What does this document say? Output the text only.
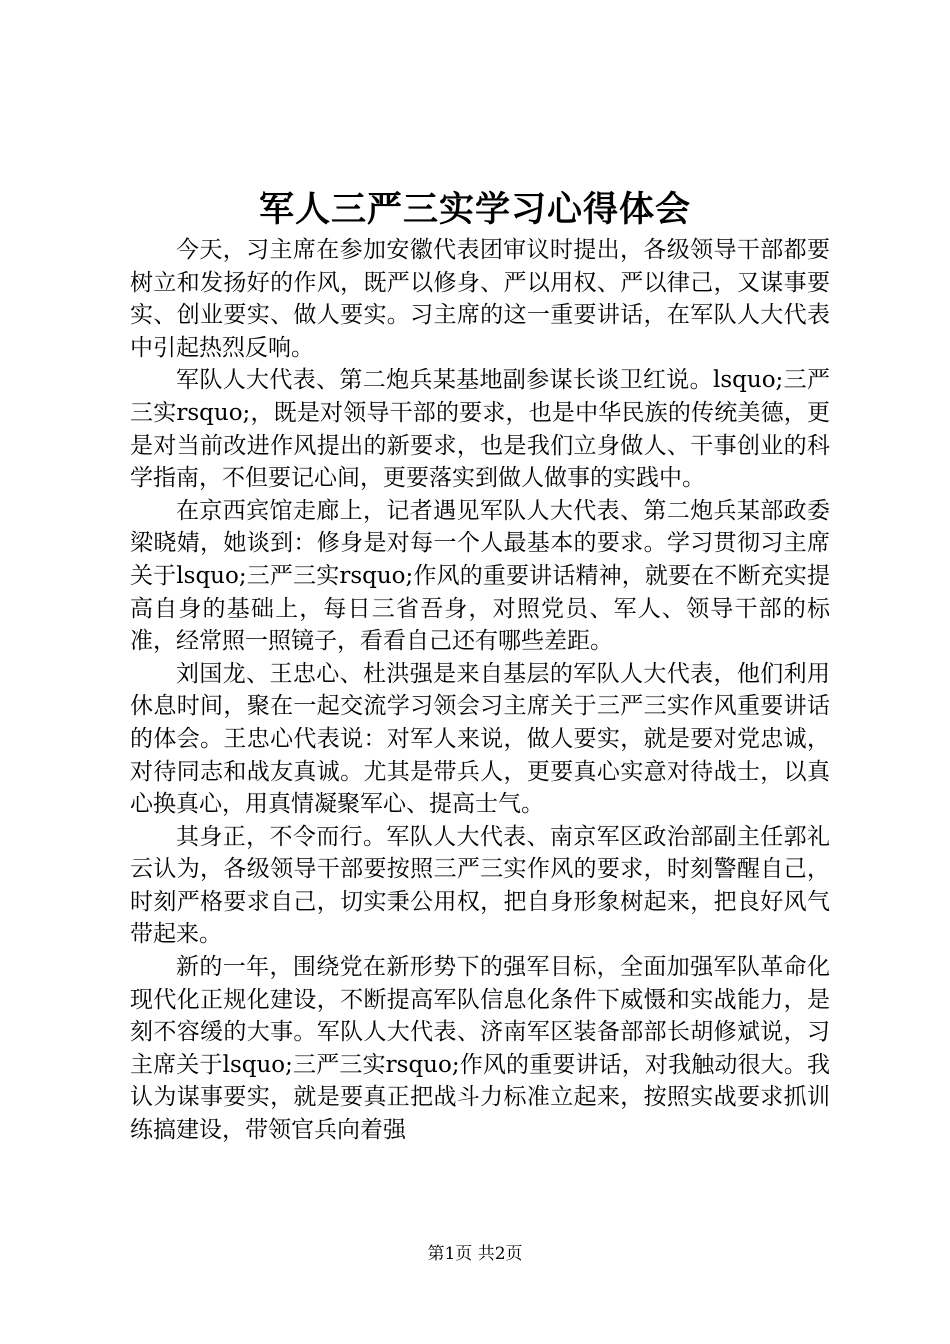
军人三严三实学习心得体会

今天，习主席在参加安徽代表团审议时提出，各级领导干部都要树立和发扬好的作风，既严以修身、严以用权、严以律己，又谋事要实、创业要实、做人要实。习主席的这一重要讲话，在军队人大代表中引起热烈反响。

军队人大代表、第二炮兵某基地副参谋长谈卫红说。lsquo;三严三实rsquo;，既是对领导干部的要求，也是中华民族的传统美德，更是对当前改进作风提出的新要求，也是我们立身做人、干事创业的科学指南，不但要记心间，更要落实到做人做事的实践中。

在京西宾馆走廊上，记者遇见军队人大代表、第二炮兵某部政委梁晓婧，她谈到：修身是对每一个人最基本的要求。学习贯彻习主席关于lsquo;三严三实rsquo;作风的重要讲话精神，就要在不断充实提高自身的基础上，每日三省吾身，对照党员、军人、领导干部的标准，经常照一照镜子，看看自己还有哪些差距。

刘国龙、王忠心、杜洪强是来自基层的军队人大代表，他们利用休息时间，聚在一起交流学习领会习主席关于三严三实作风重要讲话的体会。王忠心代表说：对军人来说，做人要实，就是要对党忠诚，对待同志和战友真诚。尤其是带兵人，更要真心实意对待战士，以真心换真心，用真情凝聚军心、提高士气。

其身正，不令而行。军队人大代表、南京军区政治部副主任郭礼云认为，各级领导干部要按照三严三实作风的要求，时刻警醒自己，时刻严格要求自己，切实秉公用权，把自身形象树起来，把良好风气带起来。

新的一年，围绕党在新形势下的强军目标，全面加强军队革命化现代化正规化建设，不断提高军队信息化条件下威慑和实战能力，是刻不容缓的大事。军队人大代表、济南军区装备部部长胡修斌说，习主席关于lsquo;三严三实rsquo;作风的重要讲话，对我触动很大。我认为谋事要实，就是要真正把战斗力标准立起来，按照实战要求抓训练搞建设，带领官兵向着强

第1页 共2页
